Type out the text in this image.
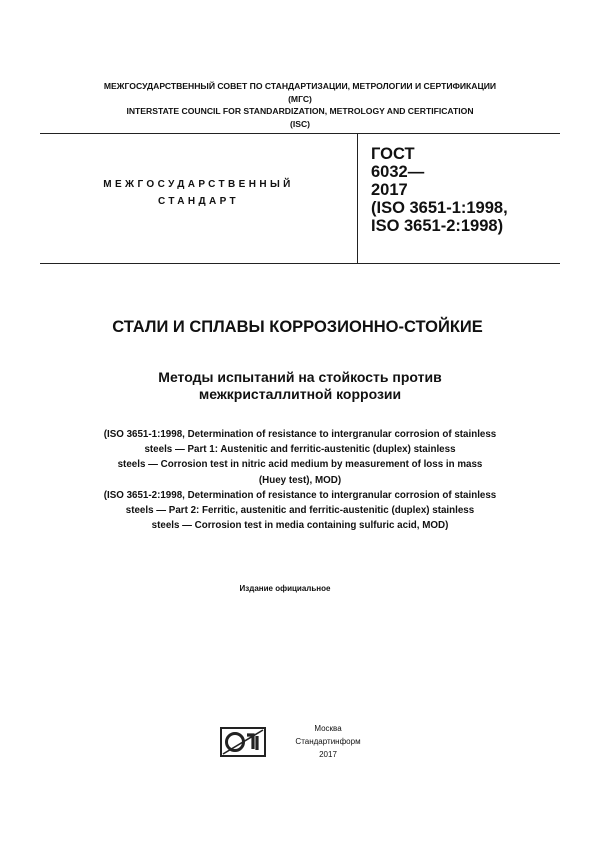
МЕЖГОСУДАРСТВЕННЫЙ СОВЕТ ПО СТАНДАРТИЗАЦИИ, МЕТРОЛОГИИ И СЕРТИФИКАЦИИ
(МГС)
INTERSTATE COUNCIL FOR STANDARDIZATION, METROLOGY AND CERTIFICATION
(ISC)
МЕЖГОСУДАРСТВЕННЫЙ
СТАНДАРТ
ГОСТ
6032—
2017
(ISO 3651-1:1998,
ISO 3651-2:1998)
СТАЛИ И СПЛАВЫ КОРРОЗИОННО-СТОЙКИЕ
Методы испытаний на стойкость против
межкристаллитной коррозии
(ISO 3651-1:1998, Determination of resistance to intergranular corrosion of stainless
steels — Part 1: Austenitic and ferritic-austenitic (duplex) stainless
steels — Corrosion test in nitric acid medium by measurement of loss in mass
(Huey test), MOD)
(ISO 3651-2:1998, Determination of resistance to intergranular corrosion of stainless
steels — Part 2: Ferritic, austenitic and ferritic-austenitic (duplex) stainless
steels — Corrosion test in media containing sulfuric acid, MOD)
Издание официальное
Москва
Стандартинформ
2017
